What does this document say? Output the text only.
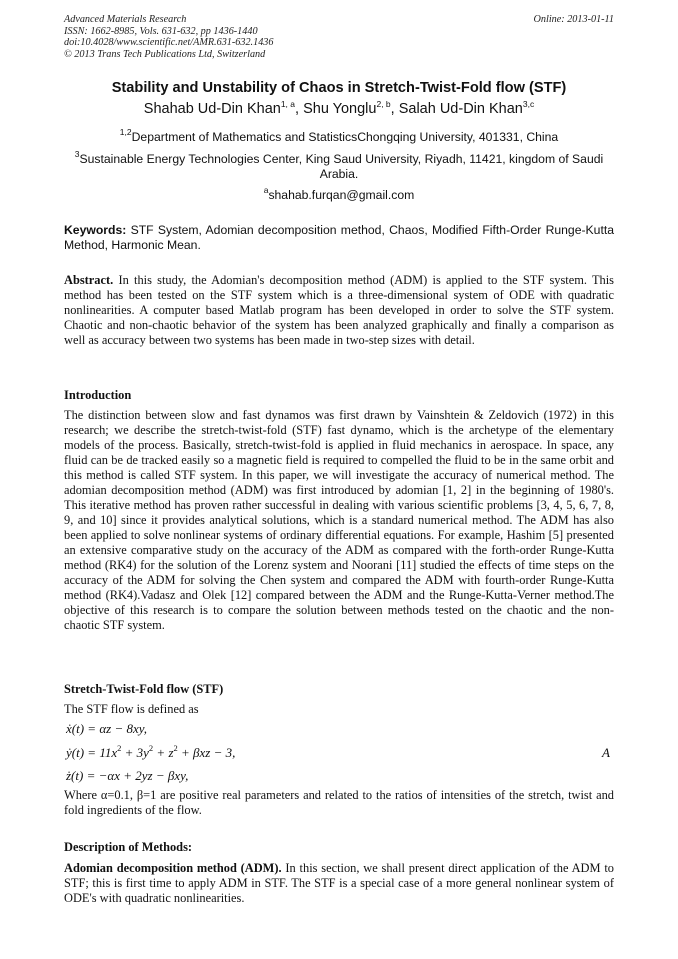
Advanced Materials Research
ISSN: 1662-8985, Vols. 631-632, pp 1436-1440
doi:10.4028/www.scientific.net/AMR.631-632.1436
© 2013 Trans Tech Publications Ltd, Switzerland
Online: 2013-01-11
Stability and Unstability of Chaos in Stretch-Twist-Fold flow (STF)
Shahab Ud-Din Khan$^{1, a}$, Shu Yonglu$^{2, b}$, Salah Ud-Din Khan$^{3,c}$
$^{1,2}$Department of Mathematics and StatisticsChongqing University, 401331, China
$^3$Sustainable Energy Technologies Center, King Saud University, Riyadh, 11421, kingdom of Saudi Arabia.
$^a$shahab.furqan@gmail.com
Keywords: STF System, Adomian decomposition method, Chaos, Modified Fifth-Order Runge-Kutta Method, Harmonic Mean.
Abstract. In this study, the Adomian's decomposition method (ADM) is applied to the STF system. This method has been tested on the STF system which is a three-dimensional system of ODE with quadratic nonlinearities. A computer based Matlab program has been developed in order to solve the STF system. Chaotic and non-chaotic behavior of the system has been analyzed graphically and finally a comparison as well as accuracy between two systems has been made in two-step sizes with detail.
Introduction
The distinction between slow and fast dynamos was first drawn by Vainshtein & Zeldovich (1972) in this research; we describe the stretch-twist-fold (STF) fast dynamo, which is the archetype of the elementary models of the process. Basically, stretch-twist-fold is applied in fluid mechanics in aerospace. In space, any fluid can be de tracked easily so a magnetic field is required to compelled the fluid to be in the same orbit and this method is called STF system. In this paper, we will investigate the accuracy of numerical method. The adomian decomposition method (ADM) was first introduced by adomian [1, 2] in the beginning of 1980's. This iterative method has proven rather successful in dealing with various scientific problems [3, 4, 5, 6, 7, 8, 9, and 10] since it provides analytical solutions, which is a standard numerical method. The ADM has also been applied to solve nonlinear systems of ordinary differential equations. For example, Hashim [5] presented an extensive comparative study on the accuracy of the ADM as compared with the forth-order Runge-Kutta method (RK4) for the solution of the Lorenz system and Noorani [11] studied the effects of time steps on the accuracy of the ADM for solving the Chen system and compared the ADM with fourth-order Runge-Kutta method (RK4).Vadasz and Olek [12] compared between the ADM and the Runge-Kutta-Verner method.The objective of this research is to compare the solution between methods tested on the chaotic and the non-chaotic STF system.
Stretch-Twist-Fold flow (STF)
The STF flow is defined as
ẋ(t) = αz − 8xy,
ẏ(t) = $11x^2 + 3y^2 + z^2 + \beta xz - 3$,
ż(t) = −αx + 2yz − βxy,
A
Where α=0.1, β=1 are positive real parameters and related to the ratios of intensities of the stretch, twist and fold ingredients of the flow.
Description of Methods:
Adomian decomposition method (ADM). In this section, we shall present direct application of the ADM to STF; this is first time to apply ADM in STF. The STF is a special case of a more general nonlinear system of ODE's with quadratic nonlinearities.
